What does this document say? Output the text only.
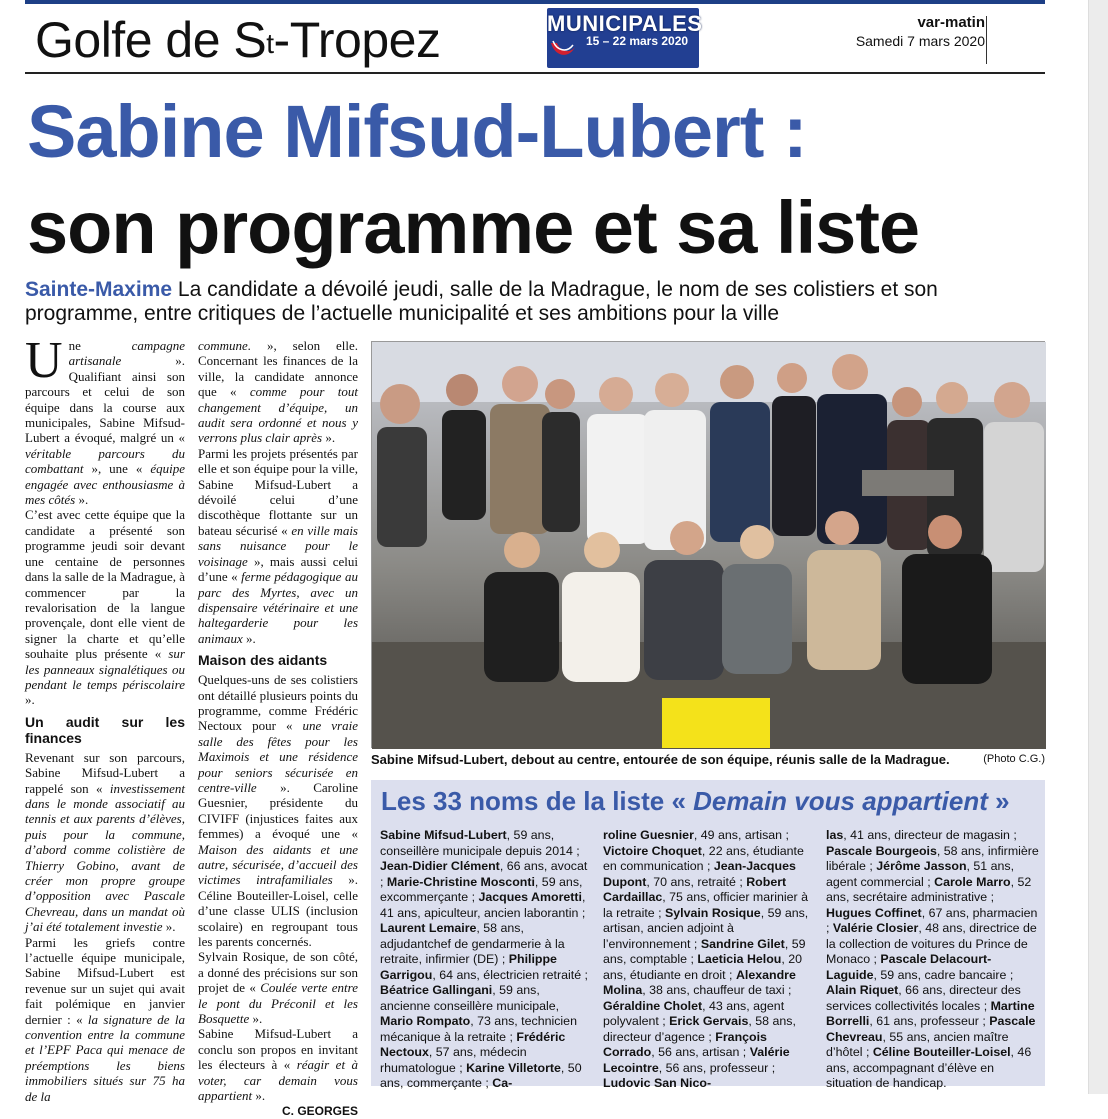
Golfe de $S^t$-Tropez	MUNICIPALES
15 – 22 mars 2020
var-matin
Samedi 7 mars 2020
Sabine Mifsud-Lubert :
son programme et sa liste
Sainte-Maxime La candidate a dévoilé jeudi, salle de la Madrague, le nom de ses colistiers et son programme, entre critiques de l’actuelle municipalité et ses ambitions pour la ville

Une campagne artisanale ». Qualifiant ainsi son parcours et celui de son équipe dans la course aux municipales, Sabine Mifsud-Lubert a évoqué, malgré un « véritable parcours du combattant », une « équipe engagée avec enthousiasme à mes côtés ».

C’est avec cette équipe que la candidate a présenté son programme jeudi soir devant une centaine de personnes dans la salle de la Madrague, à commencer par la revalorisation de la langue provençale, dont elle vient de signer la charte et qu’elle souhaite plus présente « sur les panneaux signalétiques ou pendant le temps périscolaire ».

Un audit sur les finances

Revenant sur son parcours, Sabine Mifsud-Lubert a rappelé son « investissement dans le monde associatif au tennis et aux parents d’élèves, puis pour la commune, d’abord comme colistière de Thierry Gobino, avant de créer mon propre groupe d’opposition avec Pascale Chevreau, dans un mandat où j’ai été totalement investie ».

Parmi les griefs contre l’actuelle équipe municipale, Sabine Mifsud-Lubert est revenue sur un sujet qui avait fait polémique en janvier dernier : « la signature de la convention entre la commune et l’EPF Paca qui menace de préemptions les biens immobiliers situés sur 75 ha de la

commune. », selon elle. Concernant les finances de la ville, la candidate annonce que « comme pour tout changement d’équipe, un audit sera ordonné et nous y verrons plus clair après ».

Parmi les projets présentés par elle et son équipe pour la ville, Sabine Mifsud-Lubert a dévoilé celui d’une discothèque flottante sur un bateau sécurisé « en ville mais sans nuisance pour le voisinage », mais aussi celui d’une « ferme pédagogique au parc des Myrtes, avec un dispensaire vétérinaire et une haltegarderie pour les animaux ».

Maison des aidants

Quelques-uns de ses colistiers ont détaillé plusieurs points du programme, comme Frédéric Nectoux pour « une vraie salle des fêtes pour les Maximois et une résidence pour seniors sécurisée en centre-ville ». Caroline Guesnier, présidente du CIVIFF (injustices faites aux femmes) a évoqué une « Maison des aidants et une autre, sécurisée, d’accueil des victimes intrafamiliales ». Céline Bouteiller-Loisel, celle d’une classe ULIS (inclusion scolaire) en regroupant tous les parents concernés.

Sylvain Rosique, de son côté, a donné des précisions sur son projet de « Coulée verte entre le pont du Préconil et les Bosquette ».

Sabine Mifsud-Lubert a conclu son propos en invitant les électeurs à « réagir et à voter, car demain vous appartient ».

C. GEORGES
Sabine Mifsud-Lubert, debout au centre, entourée de son équipe, réunis salle de la Madrague.	(Photo C.G.)
Les 33 noms de la liste « Demain vous appartient »
Sabine Mifsud-Lubert, 59 ans, conseillère municipale depuis 2014 ; Jean-Didier Clément, 66 ans, avocat ; Marie-Christine Mosconti, 59 ans, excommerçante ; Jacques Amoretti, 41 ans, apiculteur, ancien laborantin ; Laurent Lemaire, 58 ans, adjudantchef de gendarmerie à la retraite, infirmier (DE) ; Philippe Garrigou, 64 ans, électricien retraité ; Béatrice Gallingani, 59 ans, ancienne conseillère municipale, Mario Rompato, 73 ans, technicien mécanique à la retraite ; Frédéric Nectoux, 57 ans, médecin rhumatologue ; Karine Villetorte, 50 ans, commerçante ; Ca-
roline Guesnier, 49 ans, artisan ; Victoire Choquet, 22 ans, étudiante en communication ; Jean-Jacques Dupont, 70 ans, retraité ; Robert Cardaillac, 75 ans, officier marinier à la retraite ; Sylvain Rosique, 59 ans, artisan, ancien adjoint à l’environnement ; Sandrine Gilet, 59 ans, comptable ; Laeticia Helou, 20 ans, étudiante en droit ; Alexandre Molina, 38 ans, chauffeur de taxi ; Géraldine Cholet, 43 ans, agent polyvalent ; Erick Gervais, 58 ans, directeur d’agence ; François Corrado, 56 ans, artisan ; Valérie Lecointre, 56 ans, professeur ; Ludovic San Nico-
las, 41 ans, directeur de magasin ; Pascale Bourgeois, 58 ans, infirmière libérale ; Jérôme Jasson, 51 ans, agent commercial ; Carole Marro, 52 ans, secrétaire administrative ; Hugues Coffinet, 67 ans, pharmacien ; Valérie Closier, 48 ans, directrice de la collection de voitures du Prince de Monaco ; Pascale Delacourt-Laguide, 59 ans, cadre bancaire ; Alain Riquet, 66 ans, directeur des services collectivités locales ; Martine Borrelli, 61 ans, professeur ; Pascale Chevreau, 55 ans, ancien maître d’hôtel ; Céline Bouteiller-Loisel, 46 ans, accompagnant d’élève en situation de handicap.
